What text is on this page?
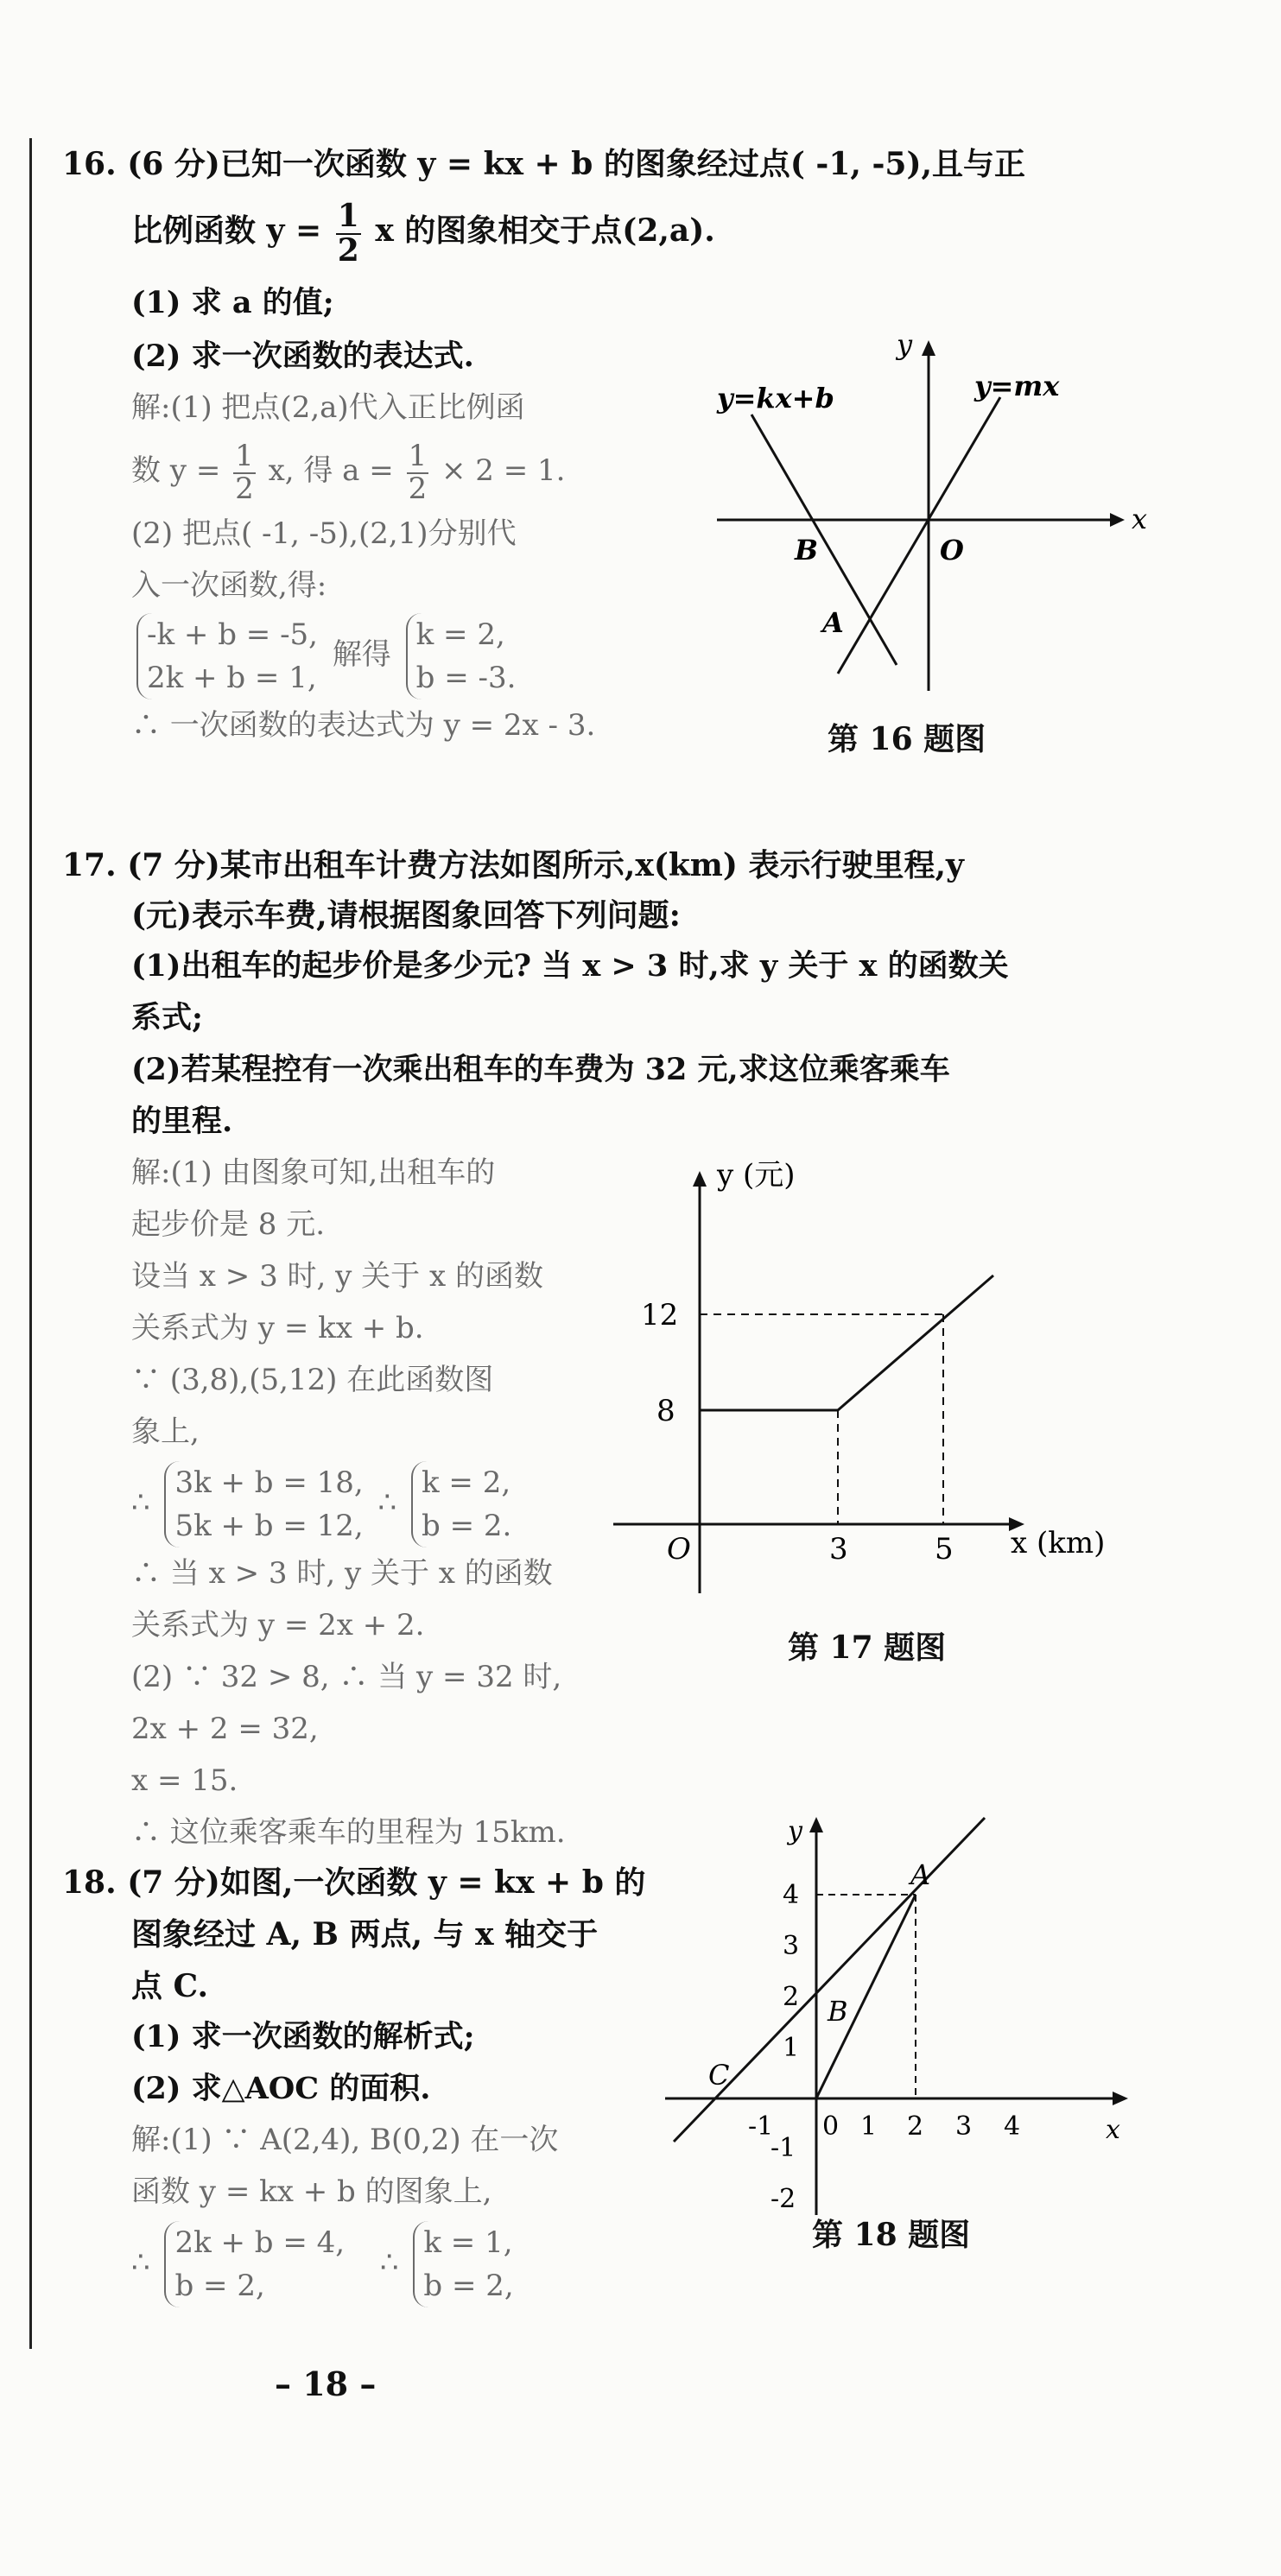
16. (6 分)已知一次函数 y = kx + b 的图象经过点( -1, -5),且与正
比例函数 $y = \frac{1}{2}$ x 的图象相交于点(2,a).
(1) 求 a 的值;
(2) 求一次函数的表达式.
解:(1) 把点(2,a)代入正比例函
数 $y = \frac{1}{2} x$, 得 $a = \frac{1}{2} \times 2 = 1$.
(2) 把点( -1, -5),(2,1)分别代
入一次函数,得:
-k + b = -5,
2k + b = 1,
解得
k = 2,
b = -3.
∴ 一次函数的表达式为 y = 2x - 3.
y=kx+b	y=mx
x
y
B	O
A
第 16 题图
17. (7 分)某市出租车计费方法如图所示,x(km) 表示行驶里程,y
(元)表示车费,请根据图象回答下列问题:
(1)出租车的起步价是多少元? 当 x > 3 时,求 y 关于 x 的函数关
系式;
(2)若某程控有一次乘出租车的车费为 32 元,求这位乘客乘车
的里程.
解:(1) 由图象可知,出租车的
起步价是 8 元.
设当 x > 3 时, y 关于 x 的函数
关系式为 y = kx + b.
∵ (3,8),(5,12) 在此函数图
象上,
∴
3k + b = 18,
5k + b = 12,
∴
k = 2,
b = 2.
∴ 当 x > 3 时, y 关于 x 的函数
关系式为 y = 2x + 2.
(2) ∵ 32 > 8, ∴ 当 y = 32 时,
2x + 2 = 32,
x = 15.
∴ 这位乘客乘车的里程为 15km.
y (元)
x (km)
O
12
8
3	5
第 17 题图
18. (7 分)如图,一次函数 y = kx + b 的
图象经过 A, B 两点, 与 x 轴交于
点 C.
(1) 求一次函数的解析式;
(2) 求△AOC 的面积.
解:(1) ∵ A(2,4), B(0,2) 在一次
函数 y = kx + b 的图象上,
∴
2k + b = 4,
b = 2,
∴
k = 1,
b = 2,
y
x
A
B
C
4
3
2
1
-1
-2
-1 0 1 2 3 4
第 18 题图
– 18 –
